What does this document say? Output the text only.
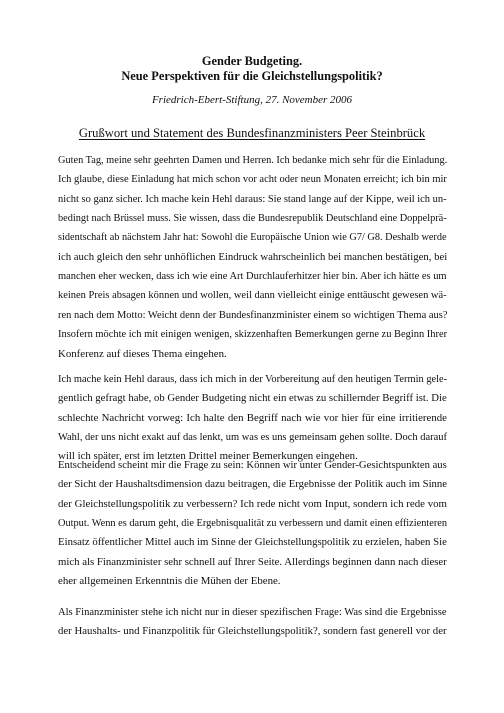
Gender Budgeting.
Neue Perspektiven für die Gleichstellungspolitik?
Friedrich-Ebert-Stiftung, 27. November 2006
Grußwort und Statement des Bundesfinanzministers Peer Steinbrück
Guten Tag, meine sehr geehrten Damen und Herren. Ich bedanke mich sehr für die Einladung.
Ich glaube, diese Einladung hat mich schon vor acht oder neun Monaten erreicht; ich bin mir
nicht so ganz sicher. Ich mache kein Hehl daraus: Sie stand lange auf der Kippe, weil ich un-
bedingt nach Brüssel muss. Sie wissen, dass die Bundesrepublik Deutschland eine Doppelprä-
sidentschaft ab nächstem Jahr hat: Sowohl die Europäische Union wie G7/ G8. Deshalb werde
ich auch gleich den sehr unhöflichen Eindruck wahrscheinlich bei manchen bestätigen, bei
manchen eher wecken, dass ich wie eine Art Durchlauferhitzer hier bin. Aber ich hätte es um
keinen Preis absagen können und wollen, weil dann vielleicht einige enttäuscht gewesen wä-
ren nach dem Motto: Weicht denn der Bundesfinanzminister einem so wichtigen Thema aus?
Insofern möchte ich mit einigen wenigen, skizzenhaften Bemerkungen gerne zu Beginn Ihrer
Konferenz auf dieses Thema eingehen.
Ich mache kein Hehl daraus, dass ich mich in der Vorbereitung auf den heutigen Termin gele-
gentlich gefragt habe, ob Gender Budgeting nicht ein etwas zu schillernder Begriff ist. Die
schlechte Nachricht vorweg: Ich halte den Begriff nach wie vor hier für eine irritierende
Wahl, der uns nicht exakt auf das lenkt, um was es uns gemeinsam gehen sollte. Doch darauf
will ich später, erst im letzten Drittel meiner Bemerkungen eingehen.
Entscheidend scheint mir die Frage zu sein: Können wir unter Gender-Gesichtspunkten aus
der Sicht der Haushaltsdimension dazu beitragen, die Ergebnisse der Politik auch im Sinne
der Gleichstellungspolitik zu verbessern? Ich rede nicht vom Input, sondern ich rede vom
Output. Wenn es darum geht, die Ergebnisqualität zu verbessern und damit einen effizienteren
Einsatz öffentlicher Mittel auch im Sinne der Gleichstellungspolitik zu erzielen, haben Sie
mich als Finanzminister sehr schnell auf Ihrer Seite. Allerdings beginnen dann nach dieser
eher allgemeinen Erkenntnis die Mühen der Ebene.
Als Finanzminister stehe ich nicht nur in dieser spezifischen Frage: Was sind die Ergebnisse
der Haushalts- und Finanzpolitik für Gleichstellungspolitik?, sondern fast generell vor der
